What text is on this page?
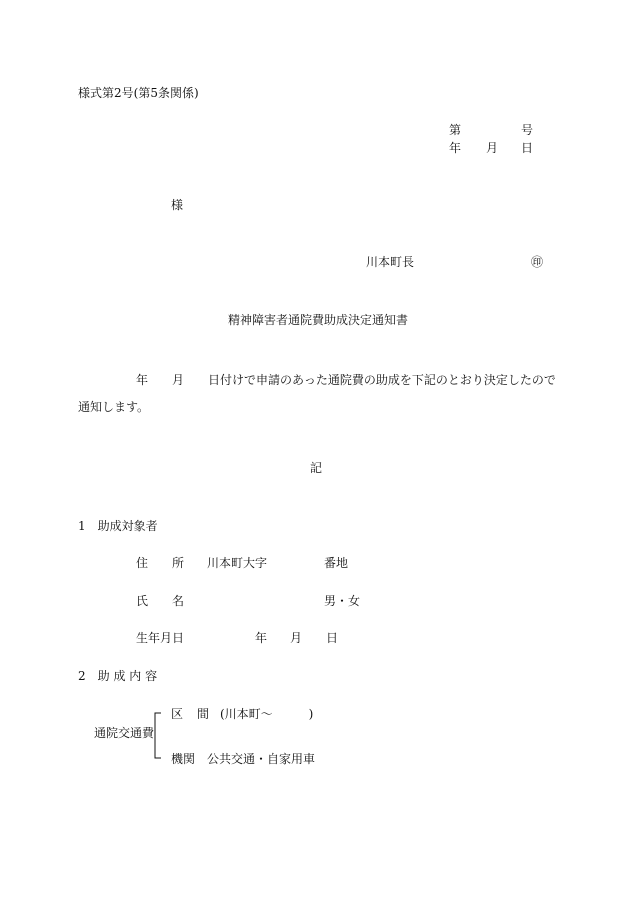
様式第2号(第5条関係)
第	号
年 月 日
様
川本町長	㊞
精神障害者通院費助成決定通知書
年 月 日付けで申請のあった通院費の助成を下記のとおり決定したので
通知します。
記
1　助成対象者
住 所 川本町大字	番地
氏 名	男・女
生年月日	年 月 日
2　助 成 内 容
通院交通費
区 間 (川本町〜　　　)
機関 公共交通・自家用車
